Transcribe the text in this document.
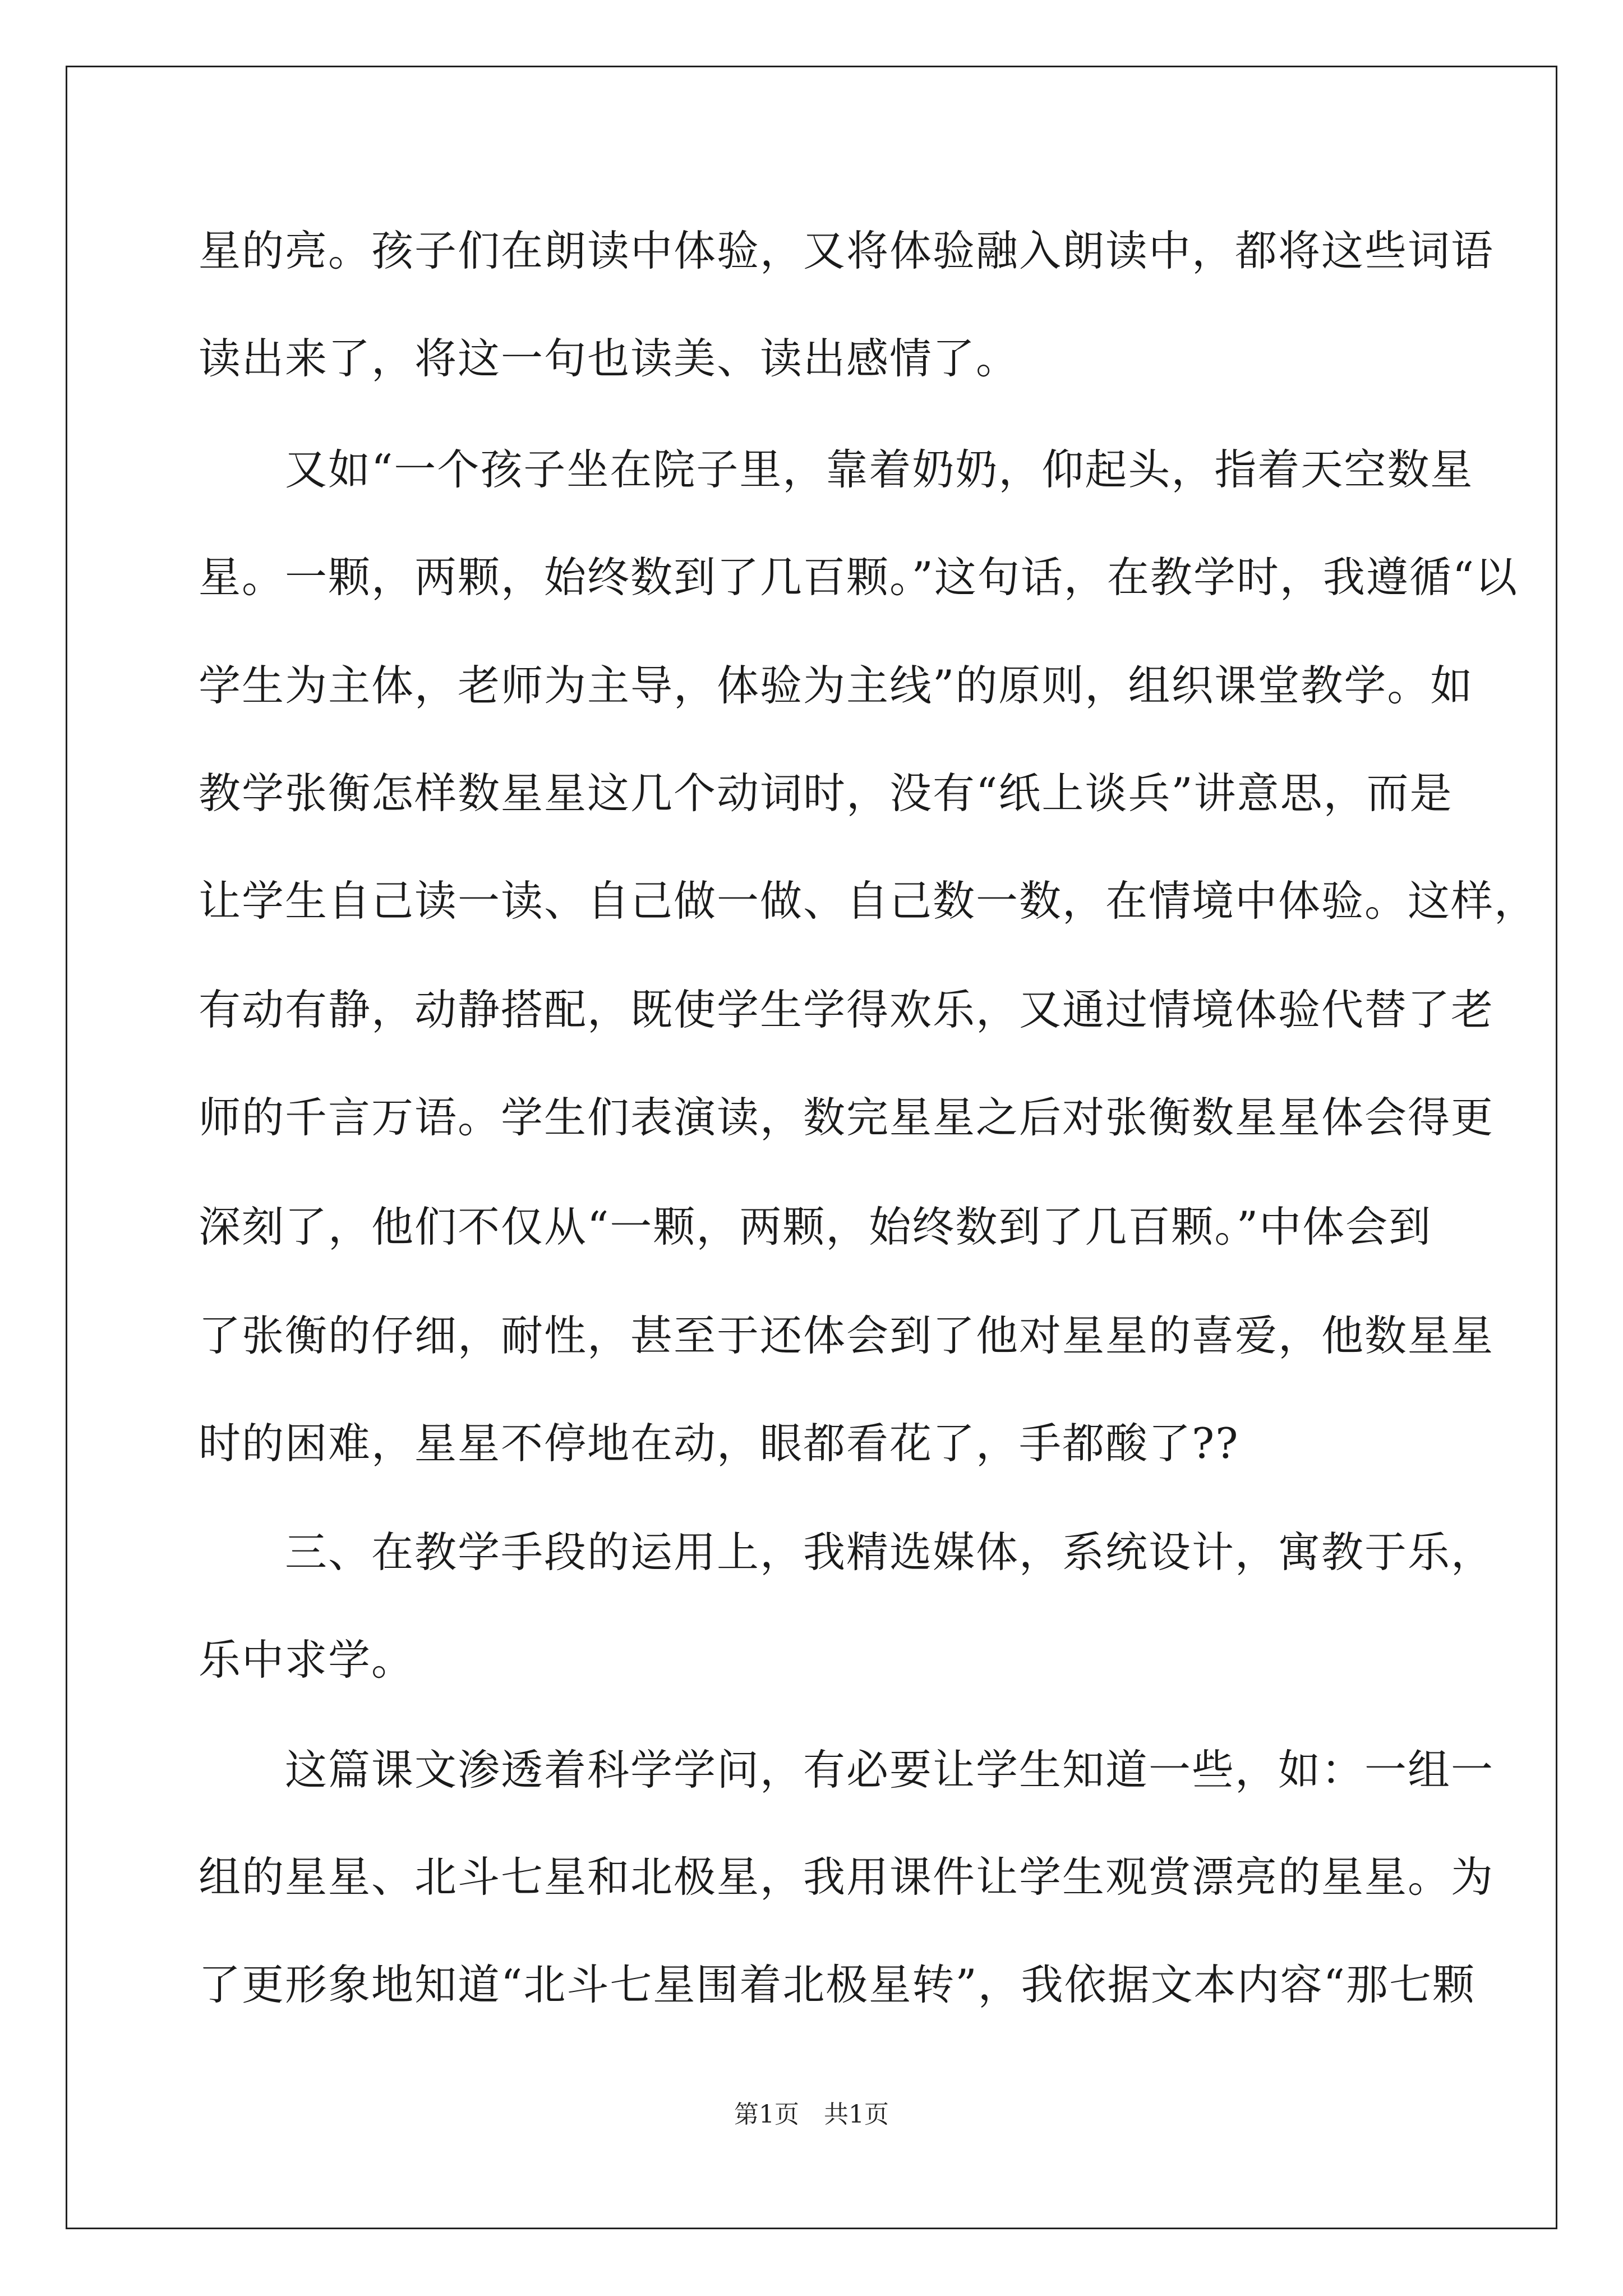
星的亮。孩子们在朗读中体验，又将体验融入朗读中，都将这些词语
读出来了，将这一句也读美、读出感情了。
　　又如“一个孩子坐在院子里，靠着奶奶，仰起头，指着天空数星
星。一颗，两颗，始终数到了几百颗。”这句话，在教学时，我遵循“以
学生为主体，老师为主导，体验为主线”的原则，组织课堂教学。如
教学张衡怎样数星星这几个动词时，没有“纸上谈兵”讲意思，而是
让学生自己读一读、自己做一做、自己数一数，在情境中体验。这样，
有动有静，动静搭配，既使学生学得欢乐，又通过情境体验代替了老
师的千言万语。学生们表演读，数完星星之后对张衡数星星体会得更
深刻了，他们不仅从“一颗，两颗，始终数到了几百颗。”中体会到
了张衡的仔细，耐性，甚至于还体会到了他对星星的喜爱，他数星星
时的困难，星星不停地在动，眼都看花了，手都酸了??
　　三、在教学手段的运用上，我精选媒体，系统设计，寓教于乐，
乐中求学。
　　这篇课文渗透着科学学问，有必要让学生知道一些，如：一组一
组的星星、北斗七星和北极星，我用课件让学生观赏漂亮的星星。为
了更形象地知道“北斗七星围着北极星转”，我依据文本内容“那七颗
第1页 共1页
